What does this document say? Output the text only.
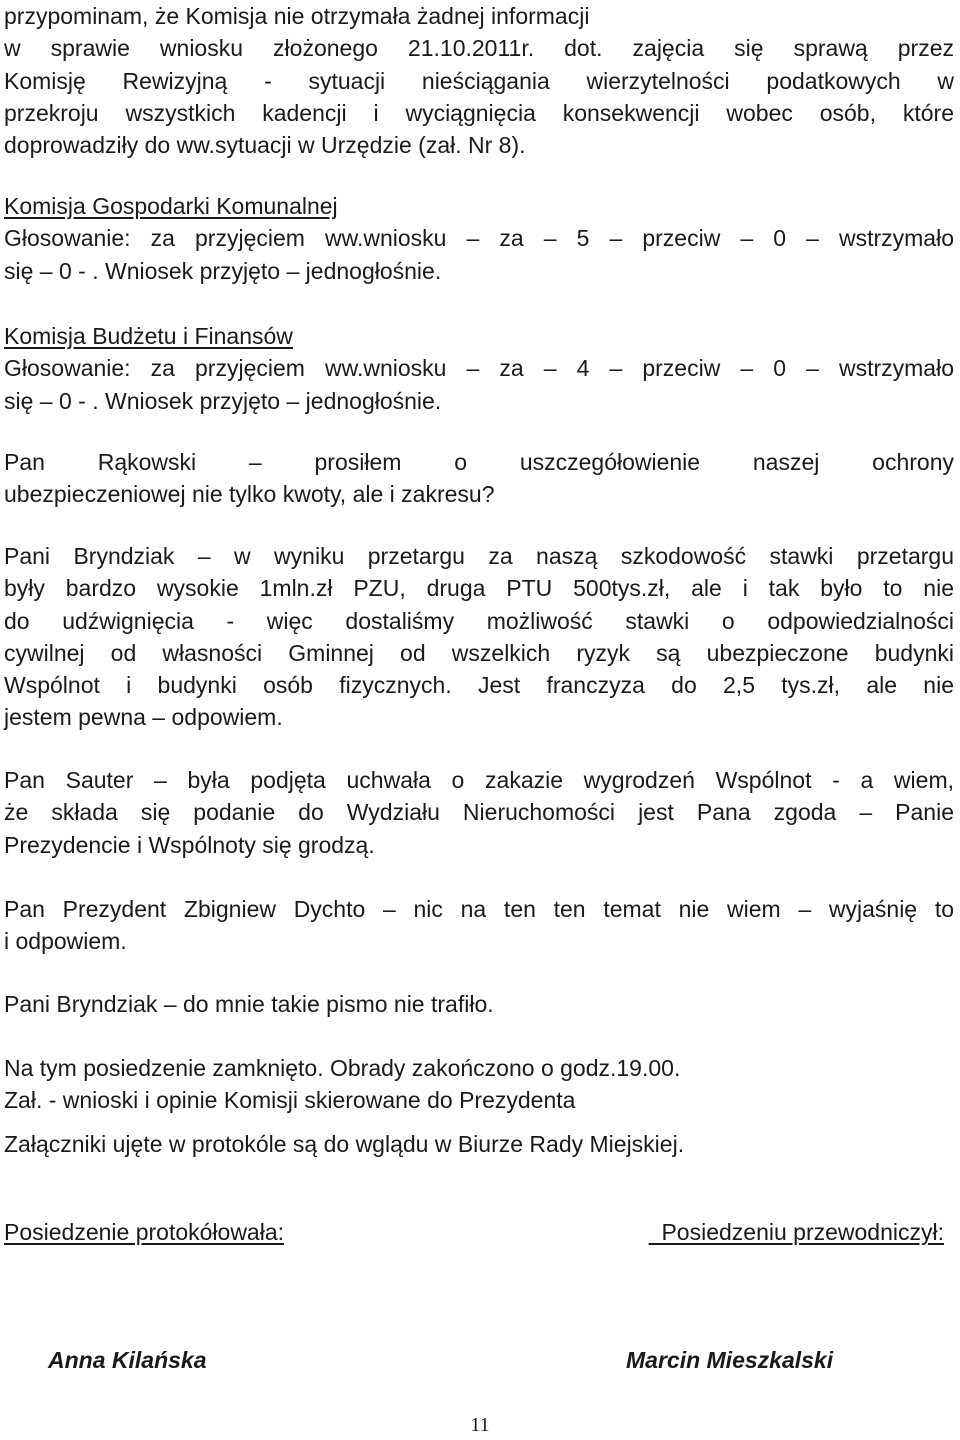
przypominam, że Komisja nie otrzymała żadnej informacji
w sprawie wniosku złożonego 21.10.2011r. dot. zajęcia się sprawą przez
Komisję Rewizyjną - sytuacji nieściągania wierzytelności podatkowych w
przekroju wszystkich kadencji i wyciągnięcia konsekwencji wobec osób, które
doprowadziły do ww.sytuacji w Urzędzie (zał. Nr 8).
Komisja Gospodarki Komunalnej
Głosowanie: za przyjęciem ww.wniosku – za – 5 – przeciw – 0 – wstrzymało
się – 0 - . Wniosek przyjęto – jednogłośnie.
Komisja Budżetu i Finansów
Głosowanie: za przyjęciem ww.wniosku – za – 4 – przeciw – 0 – wstrzymało
się – 0 - . Wniosek przyjęto – jednogłośnie.
Pan Rąkowski – prosiłem o uszczegółowienie naszej ochrony
ubezpieczeniowej nie tylko kwoty, ale i zakresu?
Pani Bryndziak – w wyniku przetargu za naszą szkodowość stawki przetargu
były bardzo wysokie 1mln.zł PZU, druga PTU 500tys.zł, ale i tak było to nie
do udźwignięcia - więc dostaliśmy możliwość stawki o odpowiedzialności
cywilnej od własności Gminnej od wszelkich ryzyk są ubezpieczone budynki
Wspólnot i budynki osób fizycznych. Jest franczyza do 2,5 tys.zł, ale nie
jestem pewna – odpowiem.
Pan Sauter – była podjęta uchwała o zakazie wygrodzeń Wspólnot - a wiem,
że składa się podanie do Wydziału Nieruchomości jest Pana zgoda – Panie
Prezydencie i Wspólnoty się grodzą.
Pan Prezydent Zbigniew Dychto – nic na ten ten temat nie wiem – wyjaśnię to
i odpowiem.
Pani Bryndziak – do mnie takie pismo nie trafiło.
Na tym posiedzenie zamknięto. Obrady zakończono o godz.19.00.
Zał. - wnioski i opinie Komisji skierowane do Prezydenta
Załączniki ujęte w protokóle są do wglądu w Biurze Rady Miejskiej.
Posiedzenie protokółowała:	Posiedzeniu przewodniczył:
Anna Kilańska	Marcin Mieszkalski
11
